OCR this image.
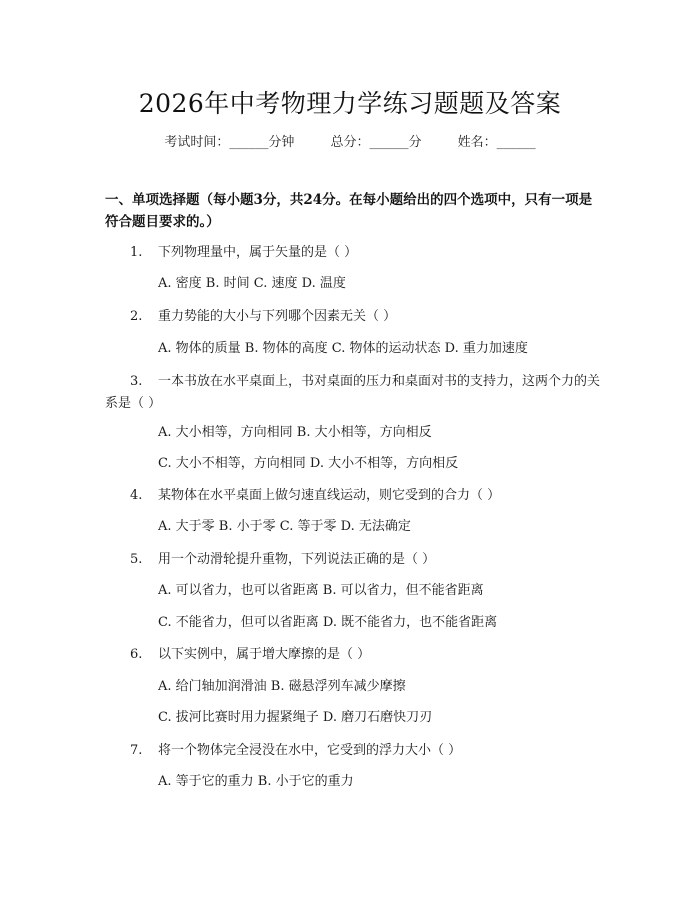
2026年中考物理力学练习题题及答案
考试时间：______分钟	总分：______分	姓名：______
一、单项选择题（每小题3分，共24分。在每小题给出的四个选项中，只有一项是符合题目要求的。）
1. 下列物理量中，属于矢量的是（ ）
A. 密度 B. 时间 C. 速度 D. 温度
2. 重力势能的大小与下列哪个因素无关（ ）
A. 物体的质量 B. 物体的高度 C. 物体的运动状态 D. 重力加速度
3. 一本书放在水平桌面上，书对桌面的压力和桌面对书的支持力，这两个力的关系是（ ）
A. 大小相等，方向相同 B. 大小相等，方向相反
C. 大小不相等，方向相同 D. 大小不相等，方向相反
4. 某物体在水平桌面上做匀速直线运动，则它受到的合力（ ）
A. 大于零 B. 小于零 C. 等于零 D. 无法确定
5. 用一个动滑轮提升重物，下列说法正确的是（ ）
A. 可以省力，也可以省距离 B. 可以省力，但不能省距离
C. 不能省力，但可以省距离 D. 既不能省力，也不能省距离
6. 以下实例中，属于增大摩擦的是（ ）
A. 给门轴加润滑油 B. 磁悬浮列车减少摩擦
C. 拔河比赛时用力握紧绳子 D. 磨刀石磨快刀刃
7. 将一个物体完全浸没在水中，它受到的浮力大小（ ）
A. 等于它的重力 B. 小于它的重力
